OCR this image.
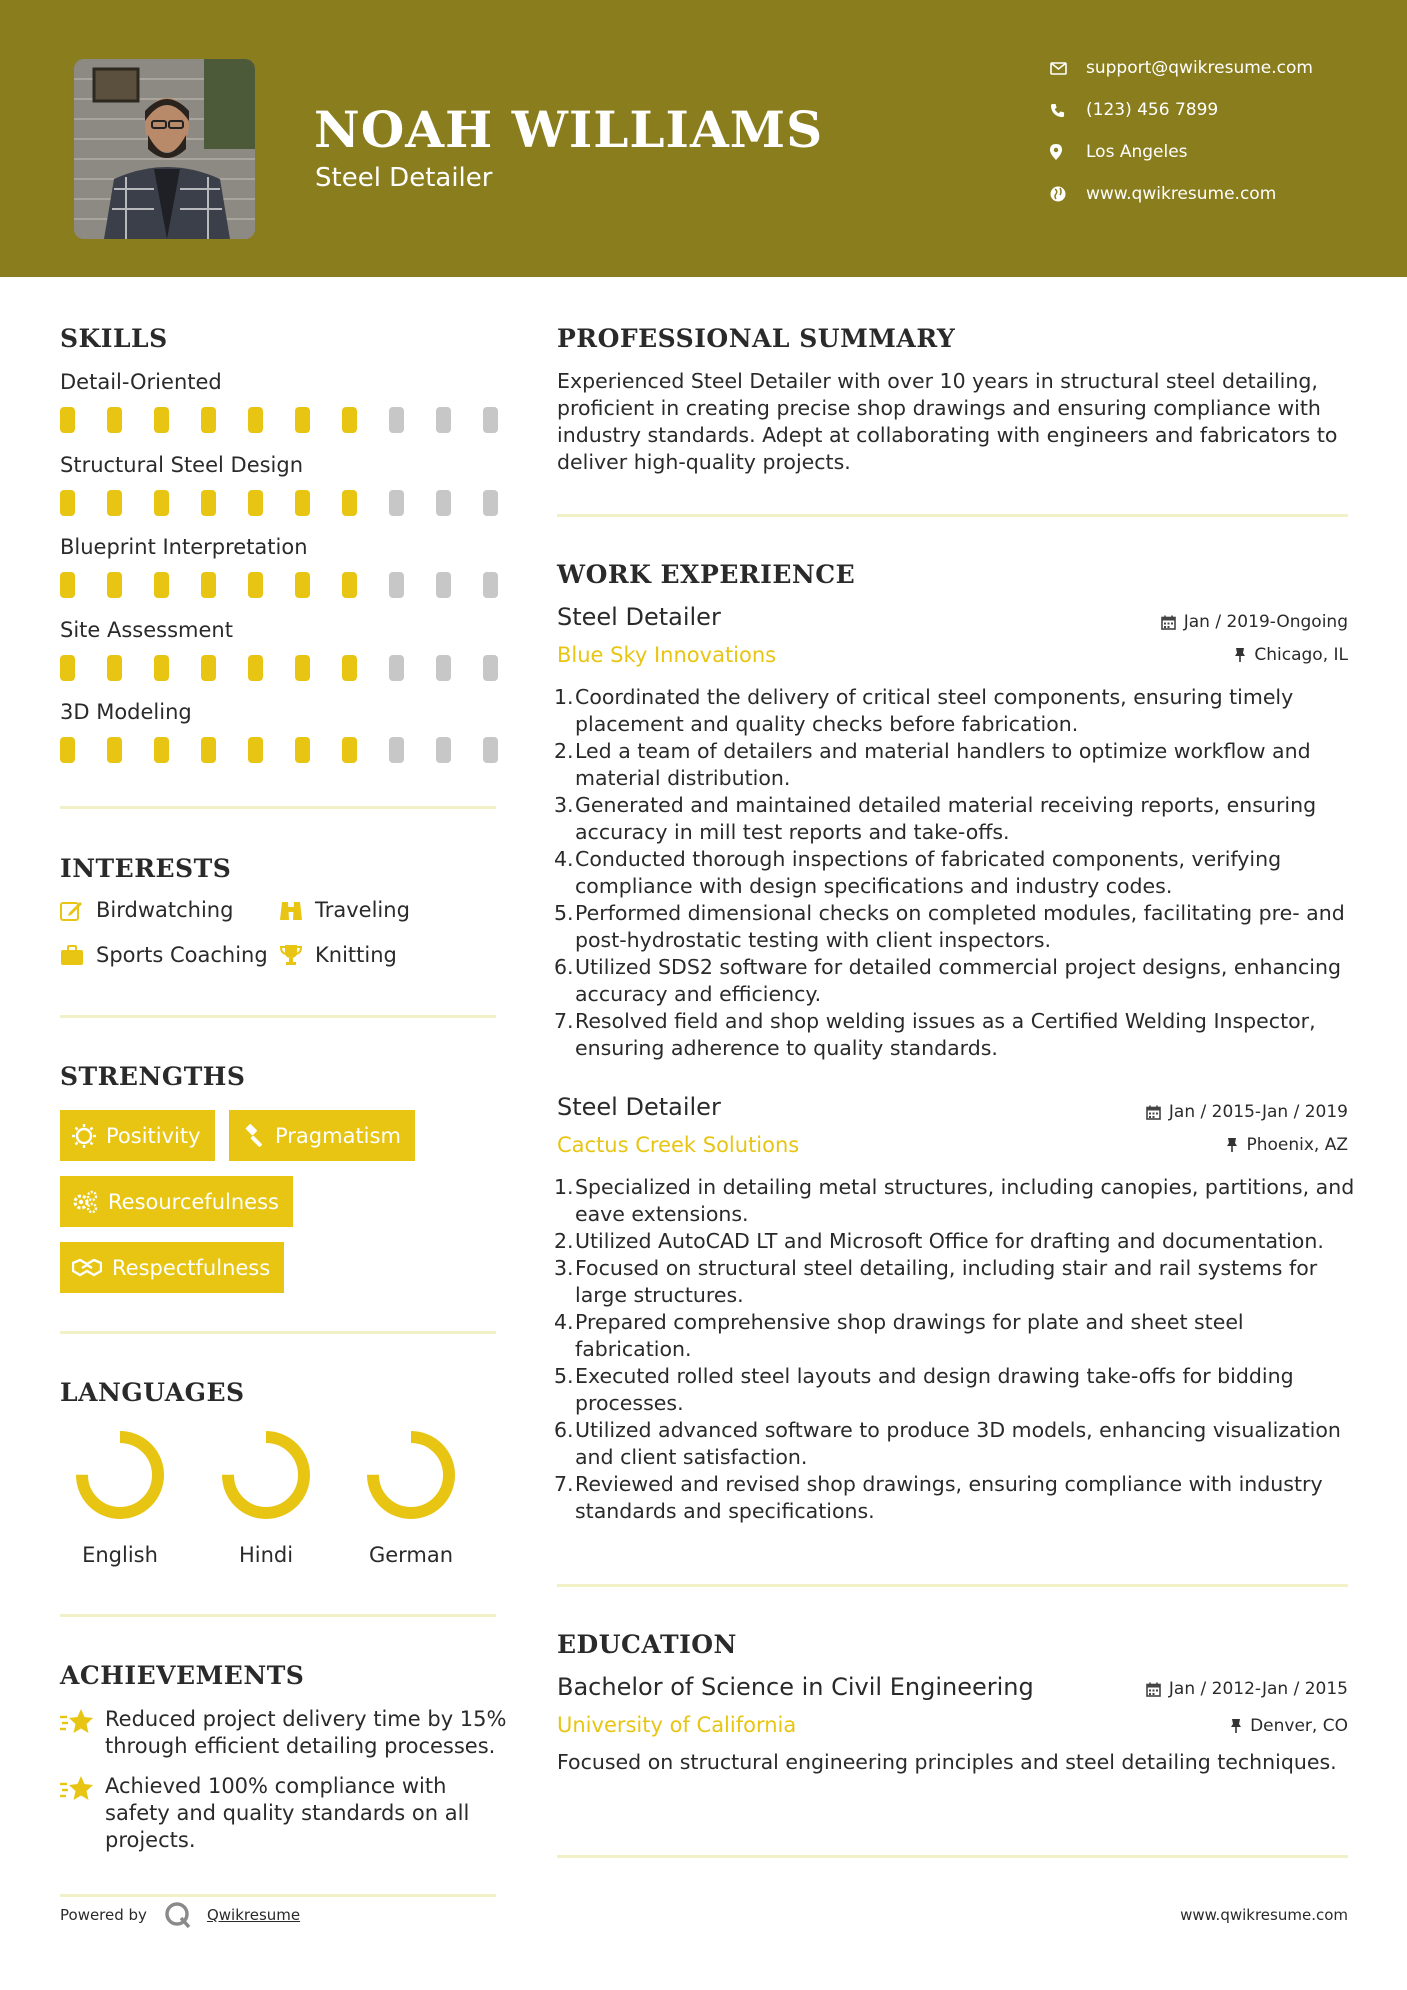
NOAH WILLIAMS
Steel Detailer
support@qwikresume.com
(123) 456 7899
Los Angeles
www.qwikresume.com
SKILLS
Detail-Oriented
Structural Steel Design
Blueprint Interpretation
Site Assessment
3D Modeling
INTERESTS
Birdwatching	Traveling
Sports Coaching Knitting
STRENGTHS
Positivity	Pragmatism
Resourcefulness
Respectfulness
LANGUAGES
English	Hindi	German
ACHIEVEMENTS
Reduced project delivery time by 15% through efficient detailing processes.
Achieved 100% compliance with safety and quality standards on all projects.
Powered by	Qwikresume
PROFESSIONAL SUMMARY
Experienced Steel Detailer with over 10 years in structural steel detailing, proficient in creating precise shop drawings and ensuring compliance with industry standards. Adept at collaborating with engineers and fabricators to deliver high-quality projects.
WORK EXPERIENCE
Steel Detailer	Jan / 2019-Ongoing
Blue Sky Innovations	Chicago, IL
Coordinated the delivery of critical steel components, ensuring timely placement and quality checks before fabrication.
Led a team of detailers and material handlers to optimize workflow and material distribution.
Generated and maintained detailed material receiving reports, ensuring accuracy in mill test reports and take-offs.
Conducted thorough inspections of fabricated components, verifying compliance with design specifications and industry codes.
Performed dimensional checks on completed modules, facilitating pre- and post-hydrostatic testing with client inspectors.
Utilized SDS2 software for detailed commercial project designs, enhancing accuracy and efficiency.
Resolved field and shop welding issues as a Certified Welding Inspector, ensuring adherence to quality standards.
Steel Detailer	Jan / 2015-Jan / 2019
Cactus Creek Solutions	Phoenix, AZ
Specialized in detailing metal structures, including canopies, partitions, and eave extensions.
Utilized AutoCAD LT and Microsoft Office for drafting and documentation.
Focused on structural steel detailing, including stair and rail systems for large structures.
Prepared comprehensive shop drawings for plate and sheet steel fabrication.
Executed rolled steel layouts and design drawing take-offs for bidding processes.
Utilized advanced software to produce 3D models, enhancing visualization and client satisfaction.
Reviewed and revised shop drawings, ensuring compliance with industry standards and specifications.
EDUCATION
Bachelor of Science in Civil Engineering	Jan / 2012-Jan / 2015
University of California	Denver, CO
Focused on structural engineering principles and steel detailing techniques.
www.qwikresume.com
